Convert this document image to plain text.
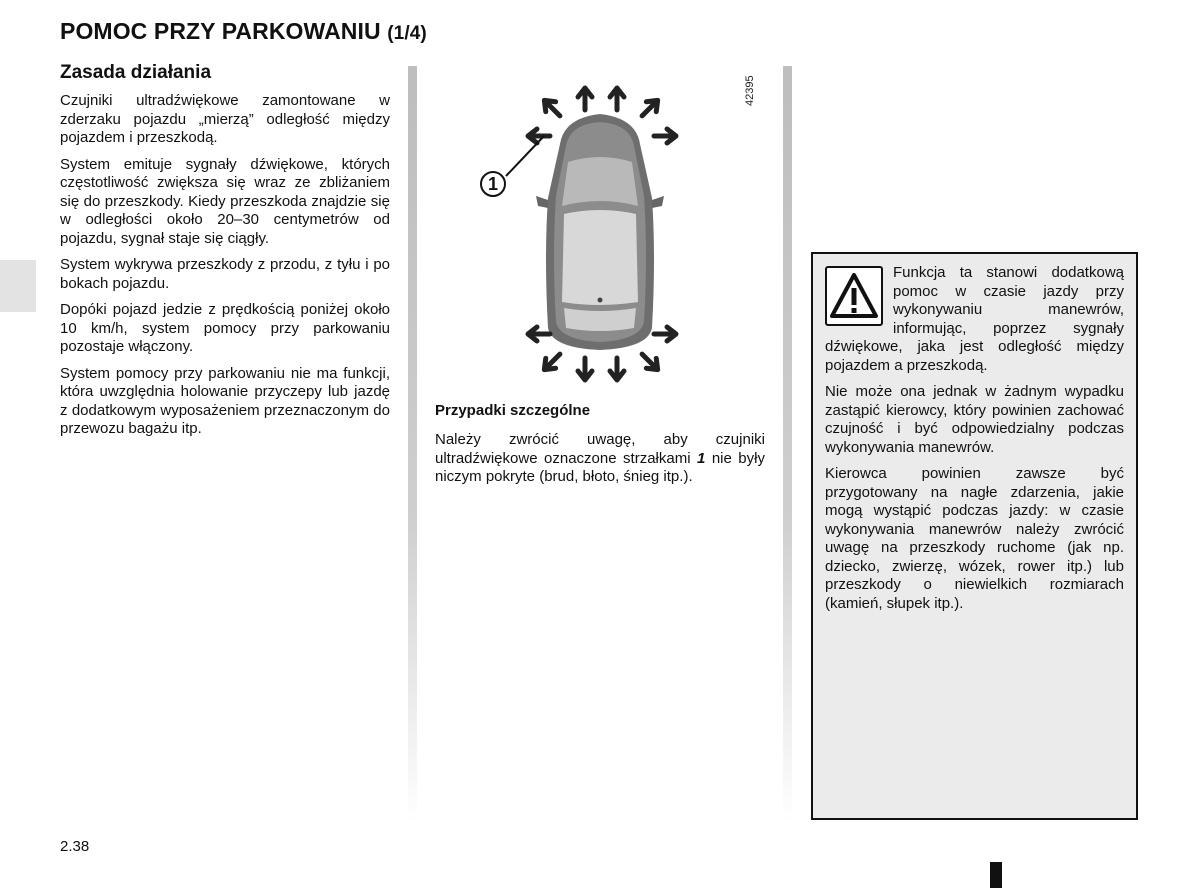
POMOC PRZY PARKOWANIU (1/4)
Zasada działania

Czujniki ultradźwiękowe zamontowane w zderzaku pojazdu „mierzą” odległość między pojazdem i przeszkodą.

System emituje sygnały dźwiękowe, których częstotliwość zwiększa się wraz ze zbliżaniem się do przeszkody. Kiedy przeszkoda znajdzie się w odległości około 20–30 centymetrów od pojazdu, sygnał staje się ciągły.

System wykrywa przeszkody z przodu, z tyłu i po bokach pojazdu.

Dopóki pojazd jedzie z prędkością poniżej około 10 km/h, system pomocy przy parkowaniu pozostaje włączony.

System pomocy przy parkowaniu nie ma funkcji, która uwzględnia holowanie przyczepy lub jazdę z dodatkowym wyposażeniem przeznaczonym do przewozu bagażu itp.

1
42395
Przypadki szczególne

Należy zwrócić uwagę, aby czujniki ultradźwiękowe oznaczone strzałkami 1 nie były niczym pokryte (brud, błoto, śnieg itp.).

Funkcja ta stanowi dodatkową pomoc w czasie jazdy przy wykonywaniu manewrów, informując, poprzez sygnały dźwiękowe, jaka jest odległość między pojazdem a przeszkodą.

Nie może ona jednak w żadnym wypadku zastąpić kierowcy, który powinien zachować czujność i być odpowiedzialny podczas wykonywania manewrów.

Kierowca powinien zawsze być przygotowany na nagłe zdarzenia, jakie mogą wystąpić podczas jazdy: w czasie wykonywania manewrów należy zwrócić uwagę na przeszkody ruchome (jak np. dziecko, zwierzę, wózek, rower itp.) lub przeszkody o niewielkich rozmiarach (kamień, słupek itp.).

2.38
